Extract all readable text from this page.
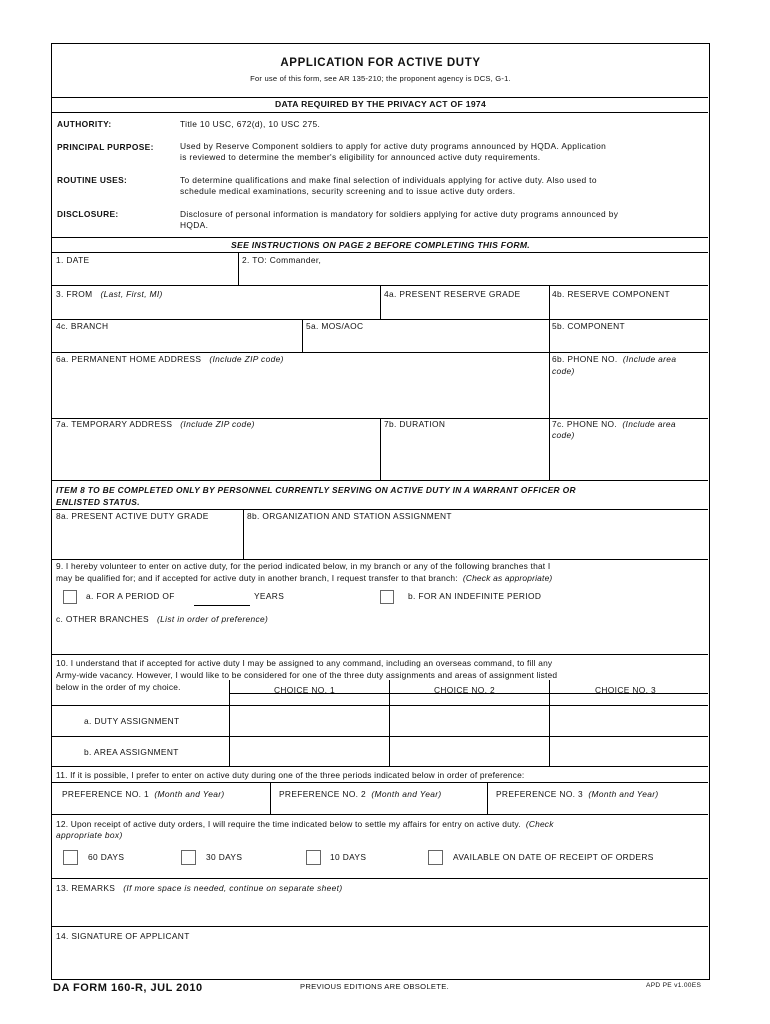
APPLICATION FOR ACTIVE DUTY
For use of this form, see AR 135-210; the proponent agency is DCS, G-1.
DATA REQUIRED BY THE PRIVACY ACT OF 1974
AUTHORITY:	Title 10 USC, 672(d), 10 USC 275.
PRINCIPAL PURPOSE:	Used by Reserve Component soldiers to apply for active duty programs announced by HQDA. Application
is reviewed to determine the member's eligibility for announced active duty requirements.
ROUTINE USES:	To determine qualifications and make final selection of individuals applying for active duty. Also used to
schedule medical examinations, security screening and to issue active duty orders.
DISCLOSURE:	Disclosure of personal information is mandatory for soldiers applying for active duty programs announced by
HQDA.
SEE INSTRUCTIONS ON PAGE 2 BEFORE COMPLETING THIS FORM.
1. DATE	2. TO: Commander,
3. FROM (Last, First, MI)	4a. PRESENT RESERVE GRADE	4b. RESERVE COMPONENT
4c. BRANCH	5a. MOS/AOC	5b. COMPONENT
6a. PERMANENT HOME ADDRESS (Include ZIP code)	6b. PHONE NO. (Include area
code)
7a. TEMPORARY ADDRESS (Include ZIP code)	7b. DURATION	7c. PHONE NO. (Include area
code)
ITEM 8 TO BE COMPLETED ONLY BY PERSONNEL CURRENTLY SERVING ON ACTIVE DUTY IN A WARRANT OFFICER OR
ENLISTED STATUS.
8a. PRESENT ACTIVE DUTY GRADE	8b. ORGANIZATION AND STATION ASSIGNMENT
9. I hereby volunteer to enter on active duty, for the period indicated below, in my branch or any of the following branches that I
may be qualified for; and if accepted for active duty in another branch, I request transfer to that branch: (Check as appropriate)
a. FOR A PERIOD OF	YEARS	b. FOR AN INDEFINITE PERIOD
c. OTHER BRANCHES (List in order of preference)
10. I understand that if accepted for active duty I may be assigned to any command, including an overseas command, to fill any
Army-wide vacancy. However, I would like to be considered for one of the three duty assignments and areas of assignment listed
below in the order of my choice.	CHOICE NO. 1	CHOICE NO. 2	CHOICE NO. 3
a. DUTY ASSIGNMENT
b. AREA ASSIGNMENT
11. If it is possible, I prefer to enter on active duty during one of the three periods indicated below in order of preference:
PREFERENCE NO. 1 (Month and Year)	PREFERENCE NO. 2 (Month and Year)	PREFERENCE NO. 3 (Month and Year)
12. Upon receipt of active duty orders, I will require the time indicated below to settle my affairs for entry on active duty. (Check
appropriate box)
60 DAYS	30 DAYS	10 DAYS	AVAILABLE ON DATE OF RECEIPT OF ORDERS
13. REMARKS (If more space is needed, continue on separate sheet)
14. SIGNATURE OF APPLICANT
DA FORM 160-R, JUL 2010	PREVIOUS EDITIONS ARE OBSOLETE.	APD PE v1.00ES
